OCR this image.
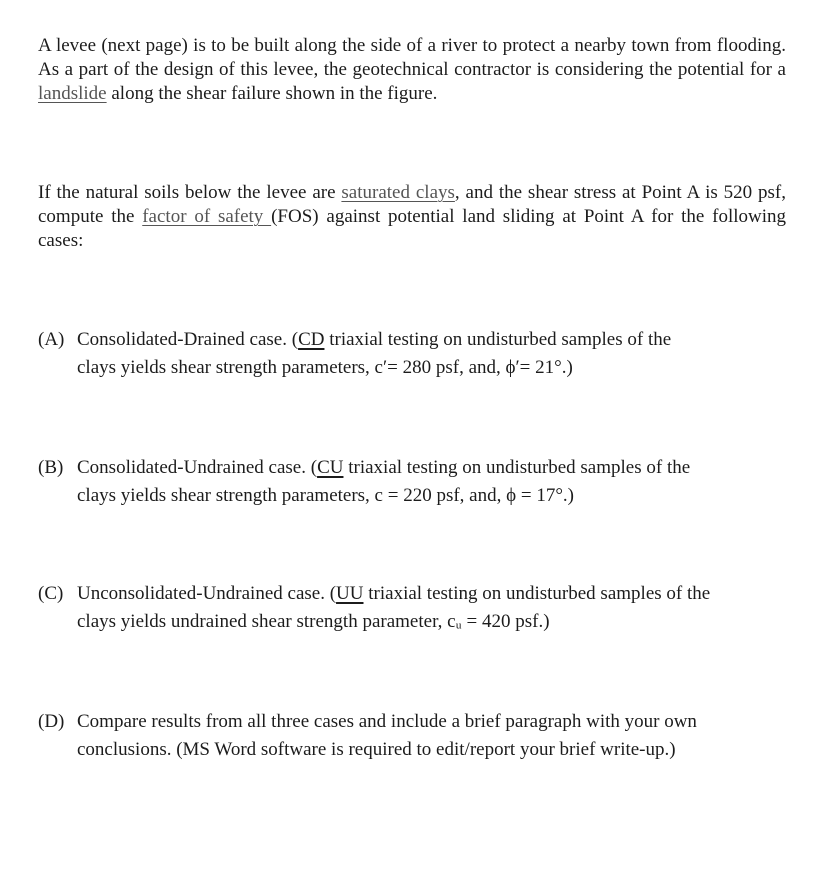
A levee (next page) is to be built along the side of a river to protect a nearby town from flooding. As a part of the design of this levee, the geotechnical contractor is considering the potential for a landslide along the shear failure shown in the figure.

If the natural soils below the levee are saturated clays, and the shear stress at Point A is 520 psf, compute the factor of safety (FOS) against potential land sliding at Point A for the following cases:

(A) Consolidated-Drained case. (CD triaxial testing on undisturbed samples of the
clays yields shear strength parameters, c′= 280 psf, and, ϕ′= 21°.)
(B) Consolidated-Undrained case. (CU triaxial testing on undisturbed samples of the
clays yields shear strength parameters, c = 220 psf, and, ϕ = 17°.)
(C) Unconsolidated-Undrained case. (UU triaxial testing on undisturbed samples of the
clays yields undrained shear strength parameter, cᵤ = 420 psf.)
(D) Compare results from all three cases and include a brief paragraph with your own
conclusions. (MS Word software is required to edit/report your brief write-up.)
